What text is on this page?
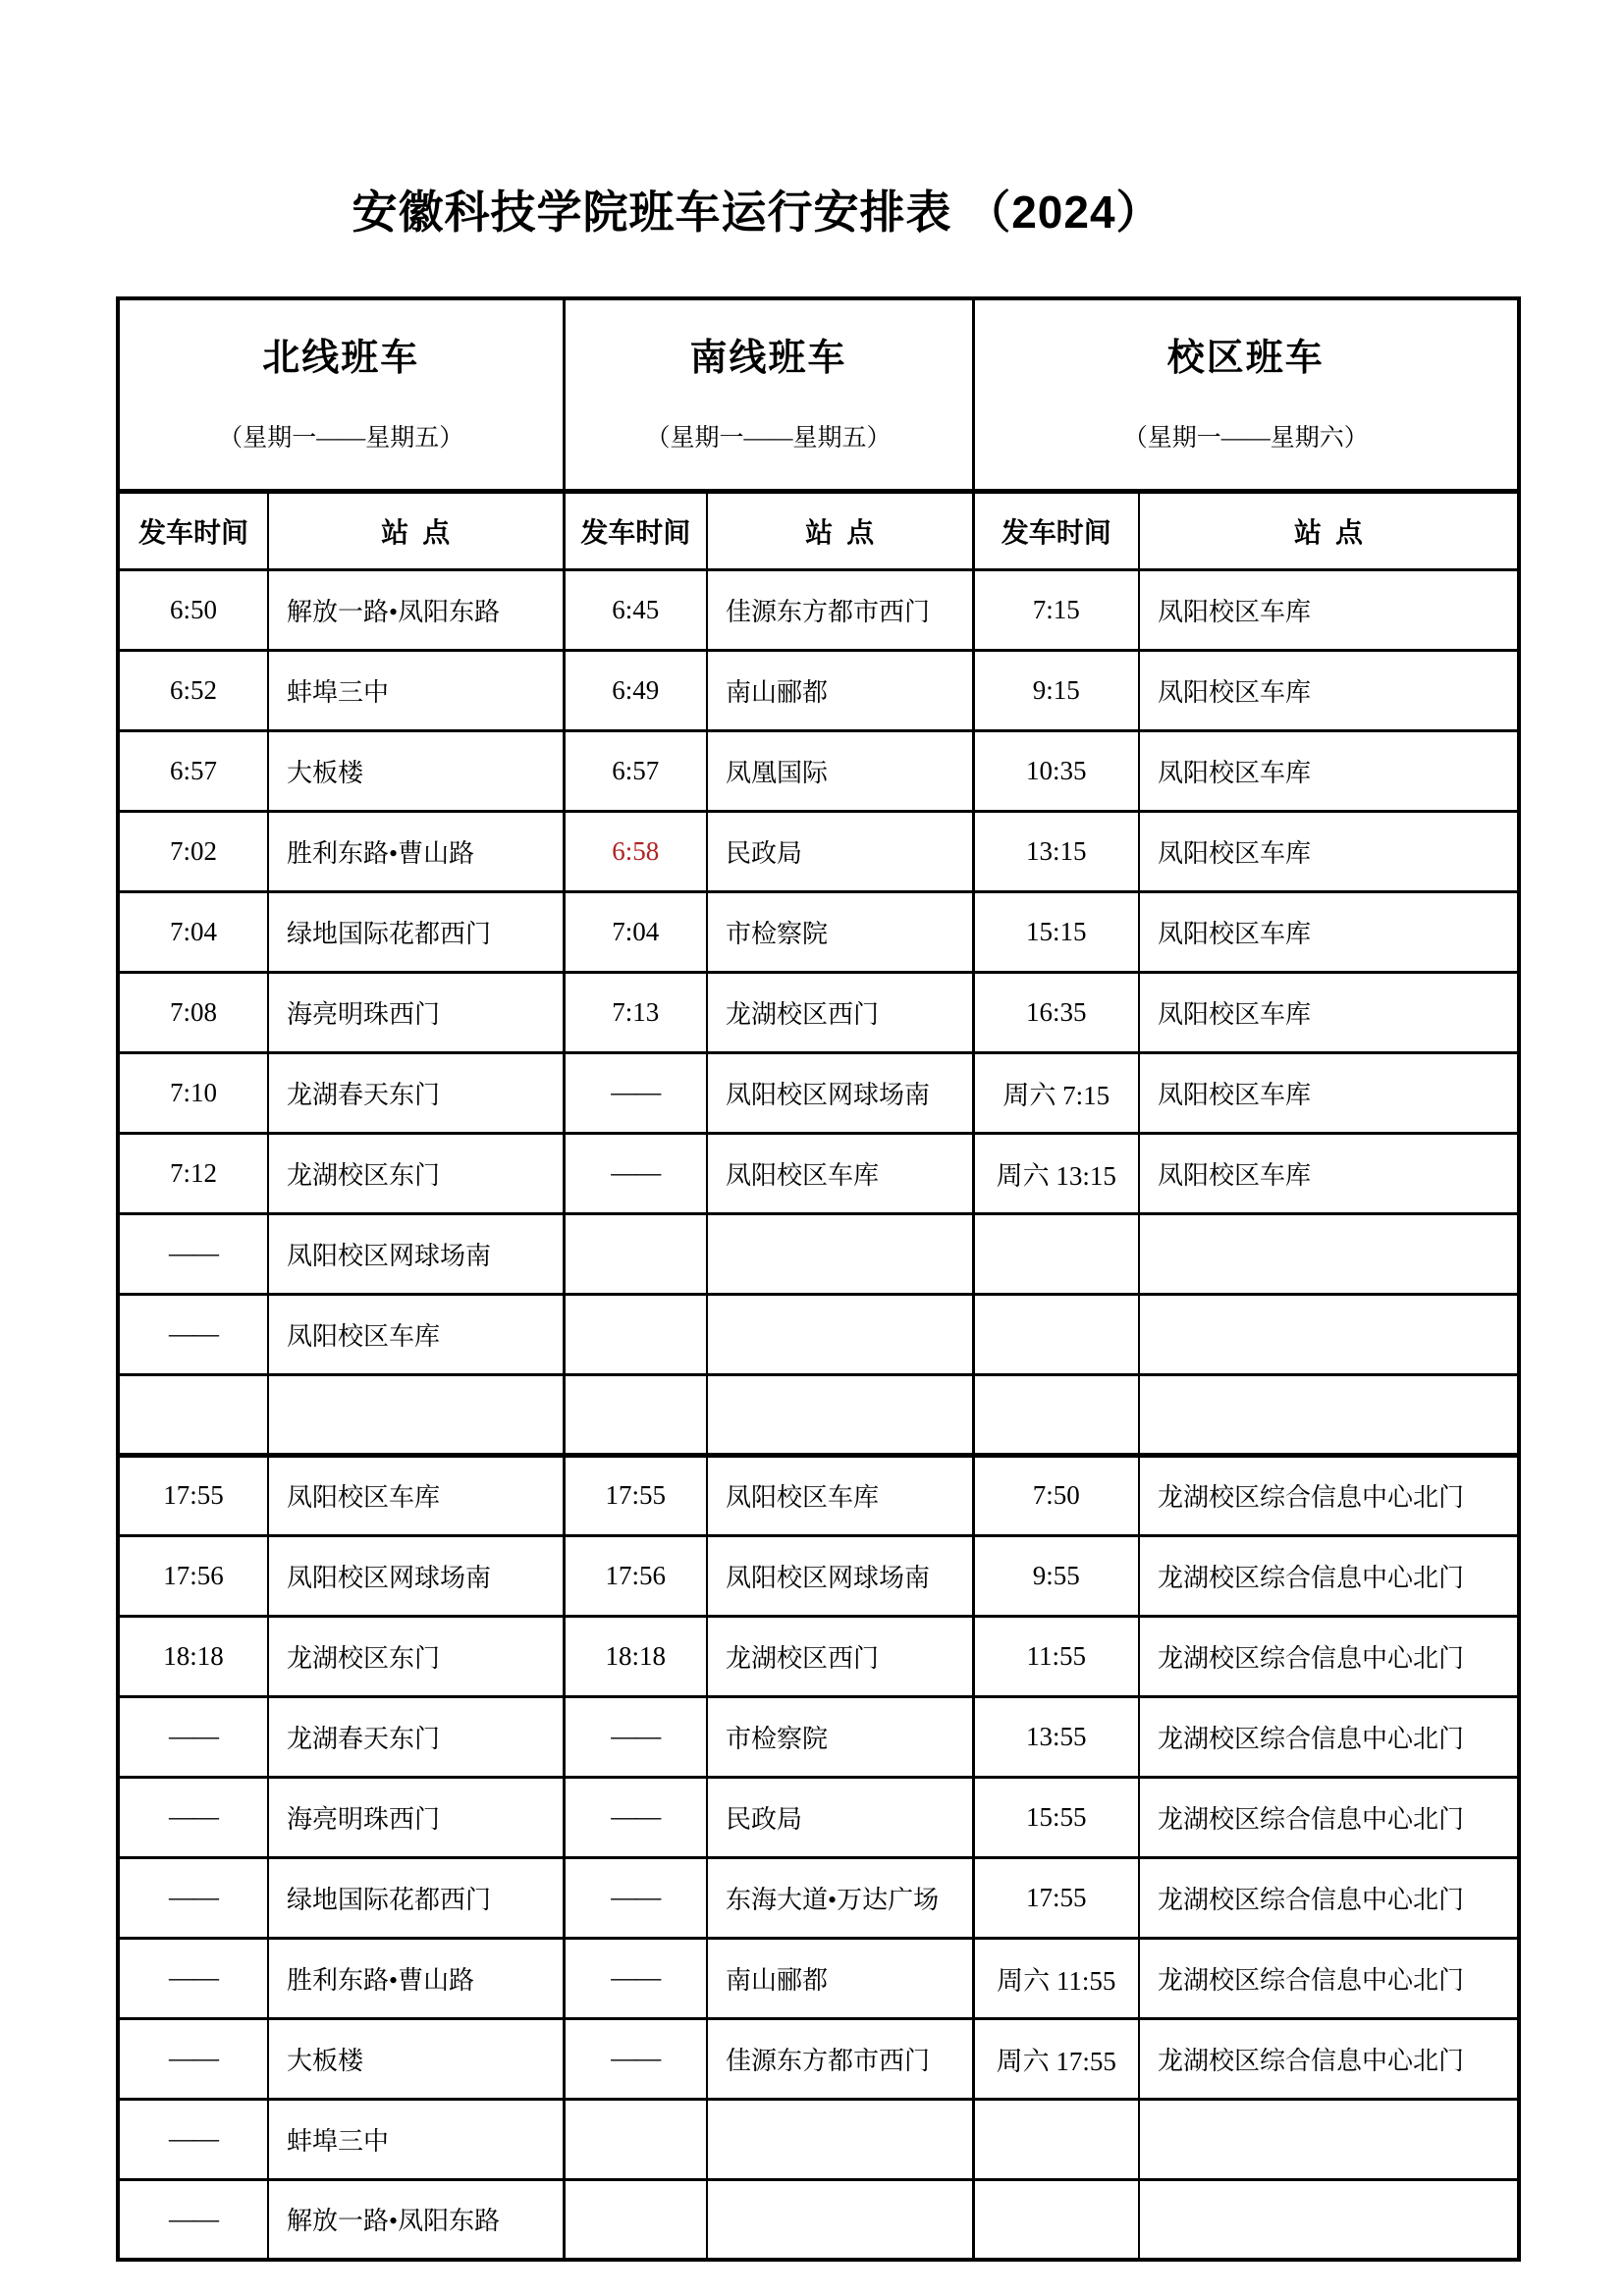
安徽科技学院班车运行安排表 （2024）

北线班车

（星期一——星期五）

南线班车

（星期一——星期五）

校区班车

（星期一——星期六）

发车时间	站  点	发车时间	站  点	发车时间	站  点
6:50	解放一路•凤阳东路	6:45	佳源东方都市西门	7:15	凤阳校区车库
6:52	蚌埠三中	6:49	南山郦都	9:15	凤阳校区车库
6:57	大板楼	6:57	凤凰国际	10:35	凤阳校区车库
7:02	胜利东路•曹山路	6:58	民政局	13:15	凤阳校区车库
7:04	绿地国际花都西门	7:04	市检察院	15:15	凤阳校区车库
7:08	海亮明珠西门	7:13	龙湖校区西门	16:35	凤阳校区车库
7:10	龙湖春天东门	——	凤阳校区网球场南	周六 7:15	凤阳校区车库
7:12	龙湖校区东门	——	凤阳校区车库	周六 13:15	凤阳校区车库
——	凤阳校区网球场南				
——	凤阳校区车库				

17:55	凤阳校区车库	17:55	凤阳校区车库	7:50	龙湖校区综合信息中心北门
17:56	凤阳校区网球场南	17:56	凤阳校区网球场南	9:55	龙湖校区综合信息中心北门
18:18	龙湖校区东门	18:18	龙湖校区西门	11:55	龙湖校区综合信息中心北门
——	龙湖春天东门	——	市检察院	13:55	龙湖校区综合信息中心北门
——	海亮明珠西门	——	民政局	15:55	龙湖校区综合信息中心北门
——	绿地国际花都西门	——	东海大道•万达广场	17:55	龙湖校区综合信息中心北门
——	胜利东路•曹山路	——	南山郦都	周六 11:55	龙湖校区综合信息中心北门
——	大板楼	——	佳源东方都市西门	周六 17:55	龙湖校区综合信息中心北门
——	蚌埠三中				
——	解放一路•凤阳东路				
